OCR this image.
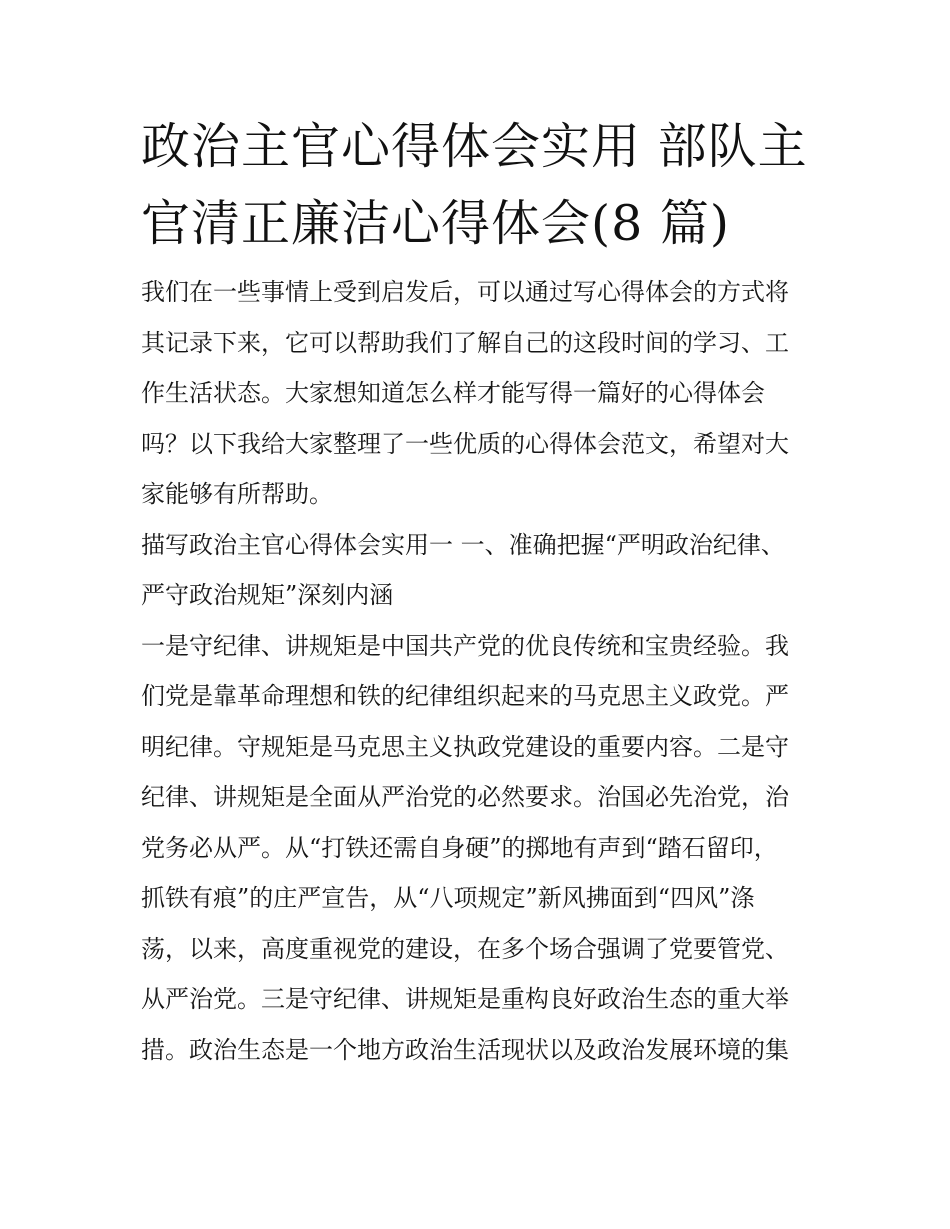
政治主官心得体会实用 部队主
官清正廉洁心得体会(8 篇)

我们在一些事情上受到启发后，可以通过写心得体会的方式将
其记录下来，它可以帮助我们了解自己的这段时间的学习、工
作生活状态。大家想知道怎么样才能写得一篇好的心得体会
吗？以下我给大家整理了一些优质的心得体会范文，希望对大
家能够有所帮助。

描写政治主官心得体会实用一 一、准确把握“严明政治纪律、
严守政治规矩”深刻内涵

一是守纪律、讲规矩是中国共产党的优良传统和宝贵经验。我
们党是靠革命理想和铁的纪律组织起来的马克思主义政党。严
明纪律。守规矩是马克思主义执政党建设的重要内容。二是守
纪律、讲规矩是全面从严治党的必然要求。治国必先治党，治
党务必从严。从“打铁还需自身硬”的掷地有声到“踏石留印，
抓铁有痕”的庄严宣告，从“八项规定”新风拂面到“四风”涤
荡，以来，高度重视党的建设，在多个场合强调了党要管党、
从严治党。三是守纪律、讲规矩是重构良好政治生态的重大举
措。政治生态是一个地方政治生活现状以及政治发展环境的集
